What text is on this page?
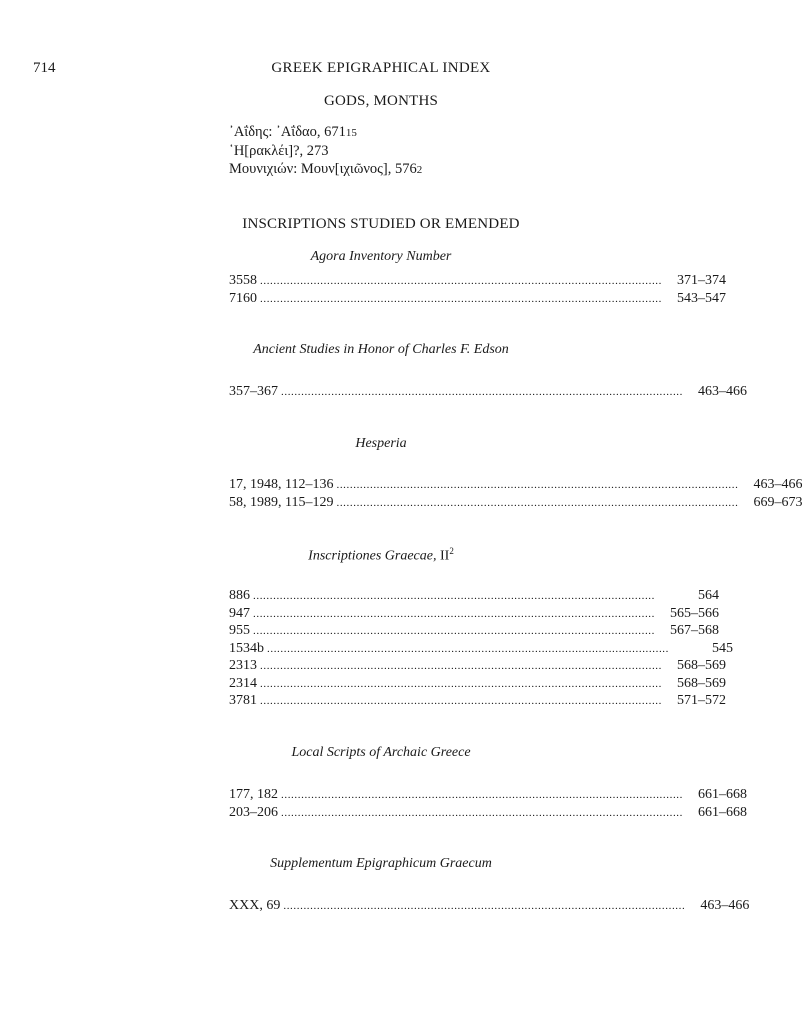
714	GREEK EPIGRAPHICAL INDEX
GODS, MONTHS
᾿Αΐδης: ᾿Αΐδαο, 67115
῾Η[ρακλέι]?, 273
Μουνιχιών: Μουν[ιχιῶνος], 5762
INSCRIPTIONS STUDIED OR EMENDED
Agora Inventory Number
3558 ........................................................................................................................	371–374
7160 ........................................................................................................................	543–547
Ancient Studies in Honor of Charles F. Edson
357–367 ........................................................................................................................	463–466
Hesperia
17, 1948, 112–136 ........................................................................................................................	463–466
58, 1989, 115–129 ........................................................................................................................	669–673
Inscriptiones Graecae, $II^2$
886 ........................................................................................................................	564
947 ........................................................................................................................	565–566
955 ........................................................................................................................	567–568
1534b ........................................................................................................................	545
2313 ........................................................................................................................	568–569
2314 ........................................................................................................................	568–569
3781 ........................................................................................................................	571–572
Local Scripts of Archaic Greece
177, 182 ........................................................................................................................	661–668
203–206 ........................................................................................................................	661–668
Supplementum Epigraphicum Graecum
XXX, 69 ........................................................................................................................	463–466
